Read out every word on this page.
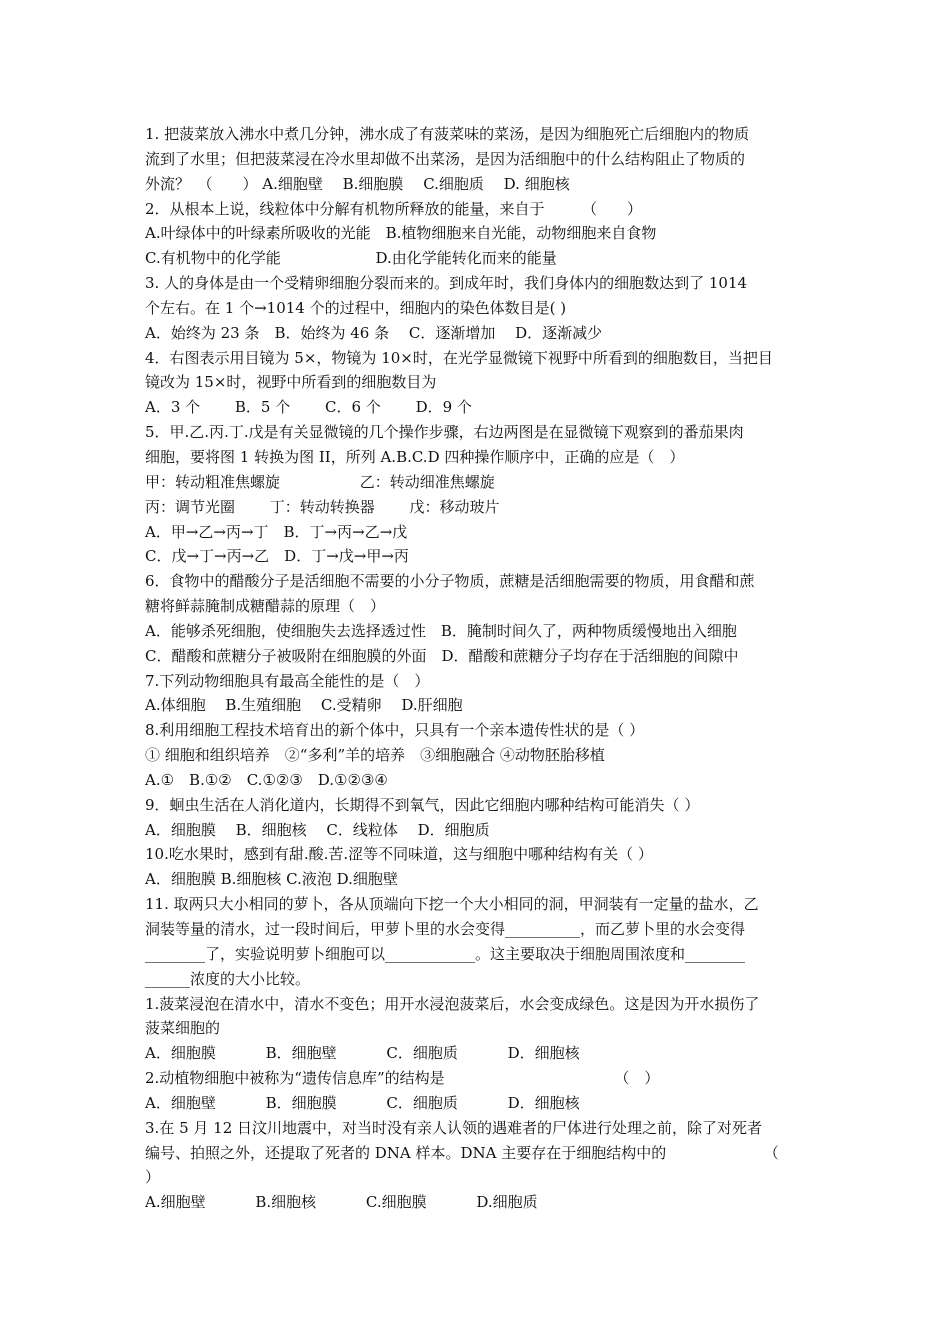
1. 把菠菜放入沸水中煮几分钟，沸水成了有菠菜味的菜汤，是因为细胞死亡后细胞内的物质
流到了水里；但把菠菜浸在冷水里却做不出菜汤，是因为活细胞中的什么结构阻止了物质的
外流？　（　　） A.细胞壁　 B.细胞膜　 C.细胞质　 D. 细胞核
2．从根本上说，线粒体中分解有机物所释放的能量，来自于　　　（　　）
A.叶绿体中的叶绿素所吸收的光能　B.植物细胞来自光能，动物细胞来自食物
C.有机物中的化学能　　　　　　 D.由化学能转化而来的能量
3. 人的身体是由一个受精卵细胞分裂而来的。到成年时，我们身体内的细胞数达到了 1014
个左右。在 1 个→1014 个的过程中，细胞内的染色体数目是( )
A．始终为 23 条　B．始终为 46 条　 C．逐渐增加　 D．逐渐减少
4．右图表示用目镜为 5×，物镜为 10×时，在光学显微镜下视野中所看到的细胞数目，当把目
镜改为 15×时，视野中所看到的细胞数目为
A．3 个　　 B．5 个　　 C．6 个　　 D．9 个
5．甲.乙.丙.丁.戊是有关显微镜的几个操作步骤，右边两图是在显微镜下观察到的番茄果肉
细胞，要将图 1 转换为图 II，所列 A.B.C.D 四种操作顺序中，正确的应是（　）
甲：转动粗准焦螺旋　　　　　 乙：转动细准焦螺旋
丙：调节光圈　　 丁：转动转换器　　 戊：移动玻片
A．甲→乙→丙→丁　B．丁→丙→乙→戊
C．戊→丁→丙→乙　D．丁→戊→甲→丙
6．食物中的醋酸分子是活细胞不需要的小分子物质，蔗糖是活细胞需要的物质，用食醋和蔗
糖将鲜蒜腌制成糖醋蒜的原理（　）
A．能够杀死细胞，使细胞失去选择透过性　B．腌制时间久了，两种物质缓慢地出入细胞
C．醋酸和蔗糖分子被吸附在细胞膜的外面　D．醋酸和蔗糖分子均存在于活细胞的间隙中
7.下列动物细胞具有最高全能性的是（　）
A.体细胞　 B.生殖细胞　 C.受精卵　 D.肝细胞
8.利用细胞工程技术培育出的新个体中，只具有一个亲本遗传性状的是（ ）
① 细胞和组织培养　②“多利”羊的培养　③细胞融合 ④动物胚胎移植
A.①　B.①②　C.①②③　D.①②③④
9．蛔虫生活在人消化道内，长期得不到氧气，因此它细胞内哪种结构可能消失（ ）
A．细胞膜　 B．细胞核　 C．线粒体　 D．细胞质
10.吃水果时，感到有甜.酸.苦.涩等不同味道，这与细胞中哪种结构有关（ ）
A．细胞膜 B.细胞核 C.液泡 D.细胞壁
11. 取两只大小相同的萝卜，各从顶端向下挖一个大小相同的洞，甲洞装有一定量的盐水，乙
洞装等量的清水，过一段时间后，甲萝卜里的水会变得__________，而乙萝卜里的水会变得
________了，实验说明萝卜细胞可以____________。这主要取决于细胞周围浓度和________
______浓度的大小比较。
1.菠菜浸泡在清水中，清水不变色；用开水浸泡菠菜后，水会变成绿色。这是因为开水损伤了
菠菜细胞的
A．细胞膜　　　 B．细胞壁　　　 C．细胞质　　　 D．细胞核
2.动植物细胞中被称为“遗传信息库”的结构是　　　　　　　　　　　 （　）
A．细胞壁　　　 B．细胞膜　　　 C．细胞质　　　 D．细胞核
3.在 5 月 12 日汶川地震中，对当时没有亲人认领的遇难者的尸体进行处理之前，除了对死者
编号、拍照之外，还提取了死者的 DNA 样本。DNA 主要存在于细胞结构中的　　　　　　　（
）
A.细胞壁　　　 B.细胞核　　　 C.细胞膜　　　 D.细胞质
